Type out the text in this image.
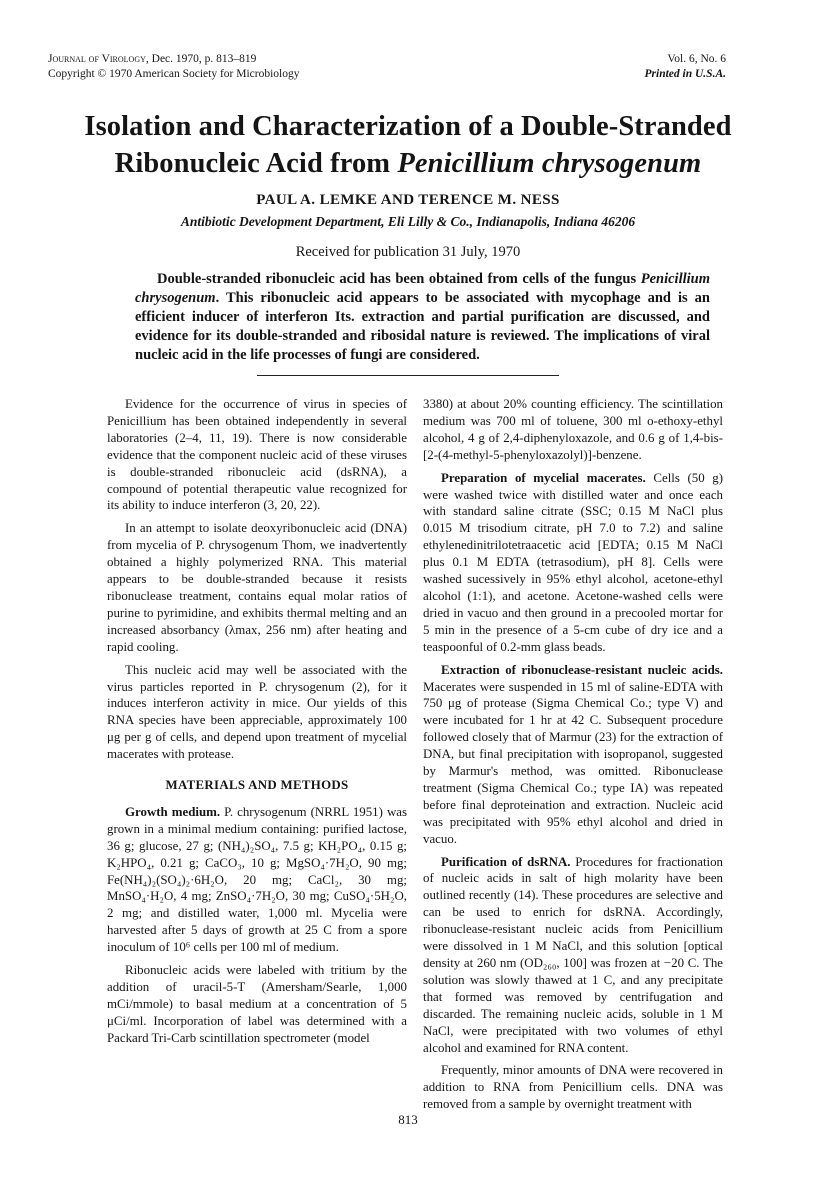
Journal of Virology, Dec. 1970, p. 813–819
Copyright © 1970 American Society for Microbiology
Vol. 6, No. 6
Printed in U.S.A.
Isolation and Characterization of a Double-Stranded
Ribonucleic Acid from Penicillium chrysogenum
PAUL A. LEMKE AND TERENCE M. NESS
Antibiotic Development Department, Eli Lilly & Co., Indianapolis, Indiana 46206
Received for publication 31 July, 1970

Double-stranded ribonucleic acid has been obtained from cells of the fungus Penicillium chrysogenum. This ribonucleic acid appears to be associated with mycophage and is an efficient inducer of interferon Its. extraction and partial purification are discussed, and evidence for its double-stranded and ribosidal nature is reviewed. The implications of viral nucleic acid in the life processes of fungi are considered.

Evidence for the occurrence of virus in species of Penicillium has been obtained independently in several laboratories (2–4, 11, 19). There is now considerable evidence that the component nucleic acid of these viruses is double-stranded ribonucleic acid (dsRNA), a compound of potential therapeutic value recognized for its ability to induce interferon (3, 20, 22).

In an attempt to isolate deoxyribonucleic acid (DNA) from mycelia of P. chrysogenum Thom, we inadvertently obtained a highly polymerized RNA. This material appears to be double-stranded because it resists ribonuclease treatment, contains equal molar ratios of purine to pyrimidine, and exhibits thermal melting and an increased absorbancy (λmax, 256 nm) after heating and rapid cooling.

This nucleic acid may well be associated with the virus particles reported in P. chrysogenum (2), for it induces interferon activity in mice. Our yields of this RNA species have been appreciable, approximately 100 μg per g of cells, and depend upon treatment of mycelial macerates with protease.

MATERIALS AND METHODS

Growth medium. P. chrysogenum (NRRL 1951) was grown in a minimal medium containing: purified lactose, 36 g; glucose, 27 g; (NH₄)₂SO₄, 7.5 g; KH₂PO₄, 0.15 g; K₂HPO₄, 0.21 g; CaCO₃, 10 g; MgSO₄·7H₂O, 90 mg; Fe(NH₄)₂(SO₄)₂·6H₂O, 20 mg; CaCl₂, 30 mg; MnSO₄·H₂O, 4 mg; ZnSO₄·7H₂O, 30 mg; CuSO₄·5H₂O, 2 mg; and distilled water, 1,000 ml. Mycelia were harvested after 5 days of growth at 25 C from a spore inoculum of 10⁶ cells per 100 ml of medium.

Ribonucleic acids were labeled with tritium by the addition of uracil-5-T (Amersham/Searle, 1,000 mCi/mmole) to basal medium at a concentration of 5 μCi/ml. Incorporation of label was determined with a Packard Tri-Carb scintillation spectrometer (model

3380) at about 20% counting efficiency. The scintillation medium was 700 ml of toluene, 300 ml o-ethoxy-ethyl alcohol, 4 g of 2,4-diphenyloxazole, and 0.6 g of 1,4-bis-[2-(4-methyl-5-phenyloxazolyl)]-benzene.

Preparation of mycelial macerates. Cells (50 g) were washed twice with distilled water and once each with standard saline citrate (SSC; 0.15 M NaCl plus 0.015 M trisodium citrate, pH 7.0 to 7.2) and saline ethylenedinitrilotetraacetic acid [EDTA; 0.15 M NaCl plus 0.1 M EDTA (tetrasodium), pH 8]. Cells were washed sucessively in 95% ethyl alcohol, acetone-ethyl alcohol (1:1), and acetone. Acetone-washed cells were dried in vacuo and then ground in a precooled mortar for 5 min in the presence of a 5-cm cube of dry ice and a teaspoonful of 0.2-mm glass beads.

Extraction of ribonuclease-resistant nucleic acids. Macerates were suspended in 15 ml of saline-EDTA with 750 μg of protease (Sigma Chemical Co.; type V) and were incubated for 1 hr at 42 C. Subsequent procedure followed closely that of Marmur (23) for the extraction of DNA, but final precipitation with isopropanol, suggested by Marmur's method, was omitted. Ribonuclease treatment (Sigma Chemical Co.; type IA) was repeated before final deproteination and extraction. Nucleic acid was precipitated with 95% ethyl alcohol and dried in vacuo.

Purification of dsRNA. Procedures for fractionation of nucleic acids in salt of high molarity have been outlined recently (14). These procedures are selective and can be used to enrich for dsRNA. Accordingly, ribonuclease-resistant nucleic acids from Penicillium were dissolved in 1 M NaCl, and this solution [optical density at 260 nm (OD₂₆₀, 100] was frozen at −20 C. The solution was slowly thawed at 1 C, and any precipitate that formed was removed by centrifugation and discarded. The remaining nucleic acids, soluble in 1 M NaCl, were precipitated with two volumes of ethyl alcohol and examined for RNA content.

Frequently, minor amounts of DNA were recovered in addition to RNA from Penicillium cells. DNA was removed from a sample by overnight treatment with

813
